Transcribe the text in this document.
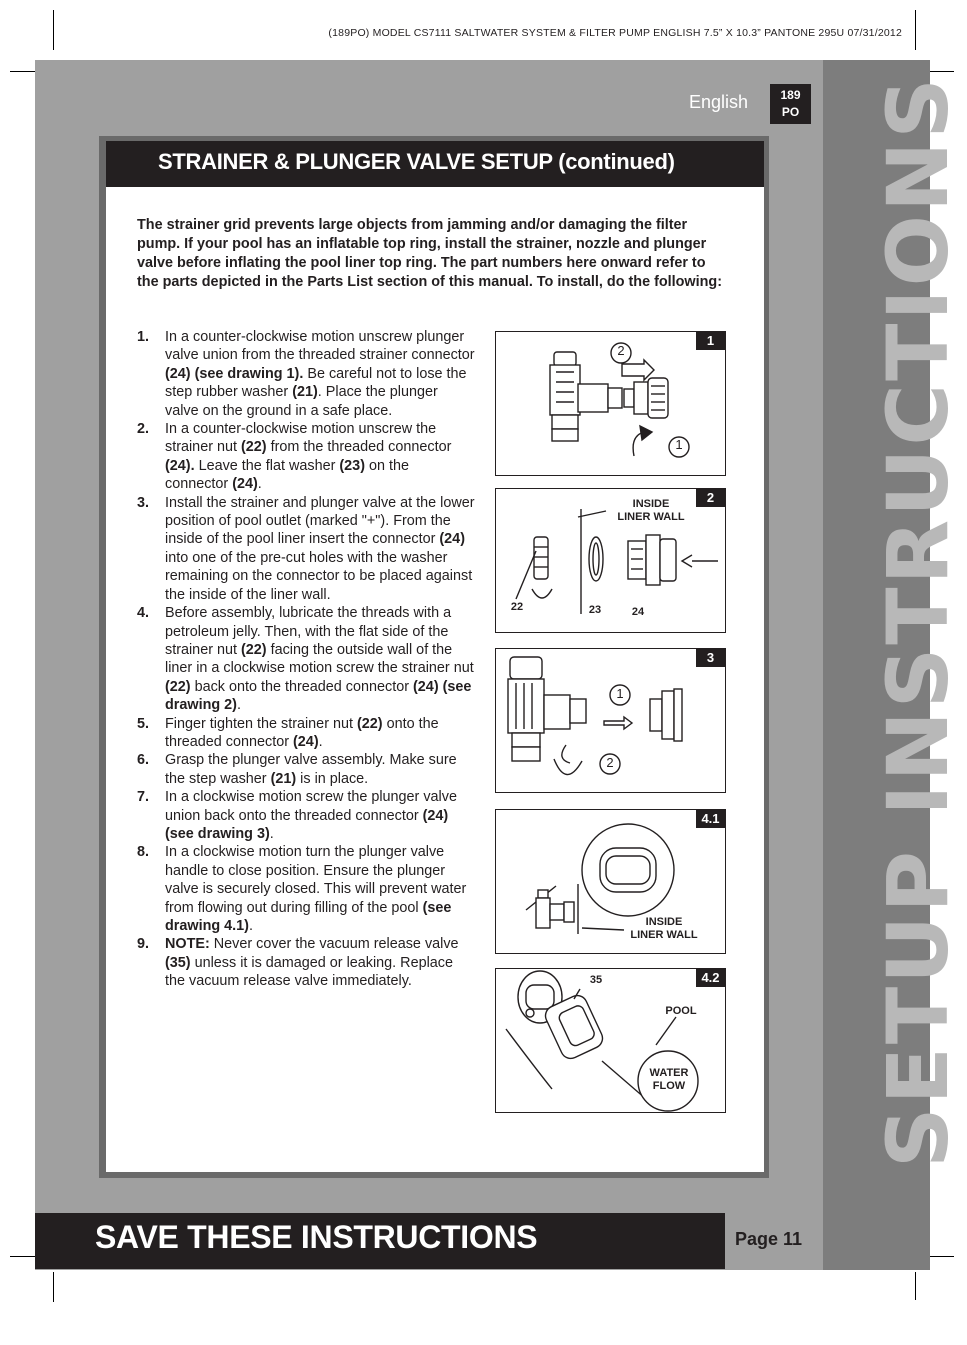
(189PO) MODEL CS7111 SALTWATER SYSTEM & FILTER PUMP ENGLISH 7.5” X 10.3” PANTONE 295U 07/31/2012
SETUP INSTRUCTIONS
English	189
PO
STRAINER & PLUNGER VALVE SETUP (continued)
The strainer grid prevents large objects from jamming and/or damaging the filter pump. If your pool has an inflatable top ring, install the strainer, nozzle and plunger valve before inflating the pool liner top ring. The part numbers here onward refer to the parts depicted in the Parts List section of this manual. To install, do the following:
1. In a counter-clockwise motion unscrew plunger valve union from the threaded strainer connector (24) (see drawing 1). Be careful not to lose the step rubber washer (21). Place the plunger valve on the ground in a safe place.
2. In a counter-clockwise motion unscrew the strainer nut (22) from the threaded connector (24). Leave the flat washer (23) on the connector (24).
3. Install the strainer and plunger valve at the lower position of pool outlet (marked "+"). From the inside of the pool liner insert the connector (24) into one of the pre-cut holes with the washer remaining on the connector to be placed against the inside of the liner wall.
4. Before assembly, lubricate the threads with a petroleum jelly. Then, with the flat side of the strainer nut (22) facing the outside wall of the liner in a clockwise motion screw the strainer nut (22) back onto the threaded connector (24) (see drawing 2).
5. Finger tighten the strainer nut (22) onto the threaded connector (24).
6. Grasp the plunger valve assembly. Make sure the step washer (21) is in place.
7. In a clockwise motion screw the plunger valve union back onto the threaded connector (24) (see drawing 3).
8. In a clockwise motion turn the plunger valve handle to close position. Ensure the plunger valve is securely closed. This will prevent water from flowing out during filling of the pool (see drawing 4.1).
9. NOTE: Never cover the vacuum release valve (35) unless it is damaged or leaking. Replace the vacuum release valve immediately.
1
2
1
2
INSIDE
LINER WALL
22	23	24
3
1
2
4.1
INSIDE
LINER WALL
4.2
35
POOL
WATER
FLOW
SAVE THESE INSTRUCTIONS	Page 11
